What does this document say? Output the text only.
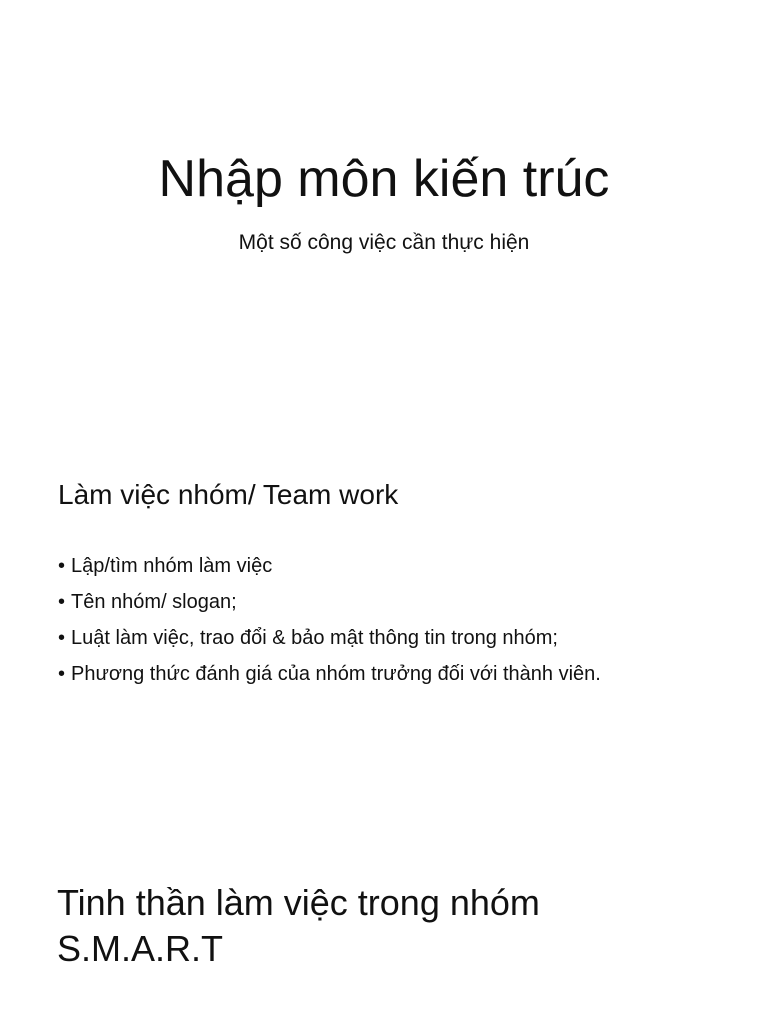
Nhập môn kiến trúc

Một số công việc cần thực hiện

Làm việc nhóm/ Team work
• Lập/tìm nhóm làm việc
• Tên nhóm/ slogan;
• Luật làm việc, trao đổi & bảo mật thông tin trong nhóm;
• Phương thức đánh giá của nhóm trưởng đối với thành viên.
Tinh thần làm việc trong nhóm
S.M.A.R.T
